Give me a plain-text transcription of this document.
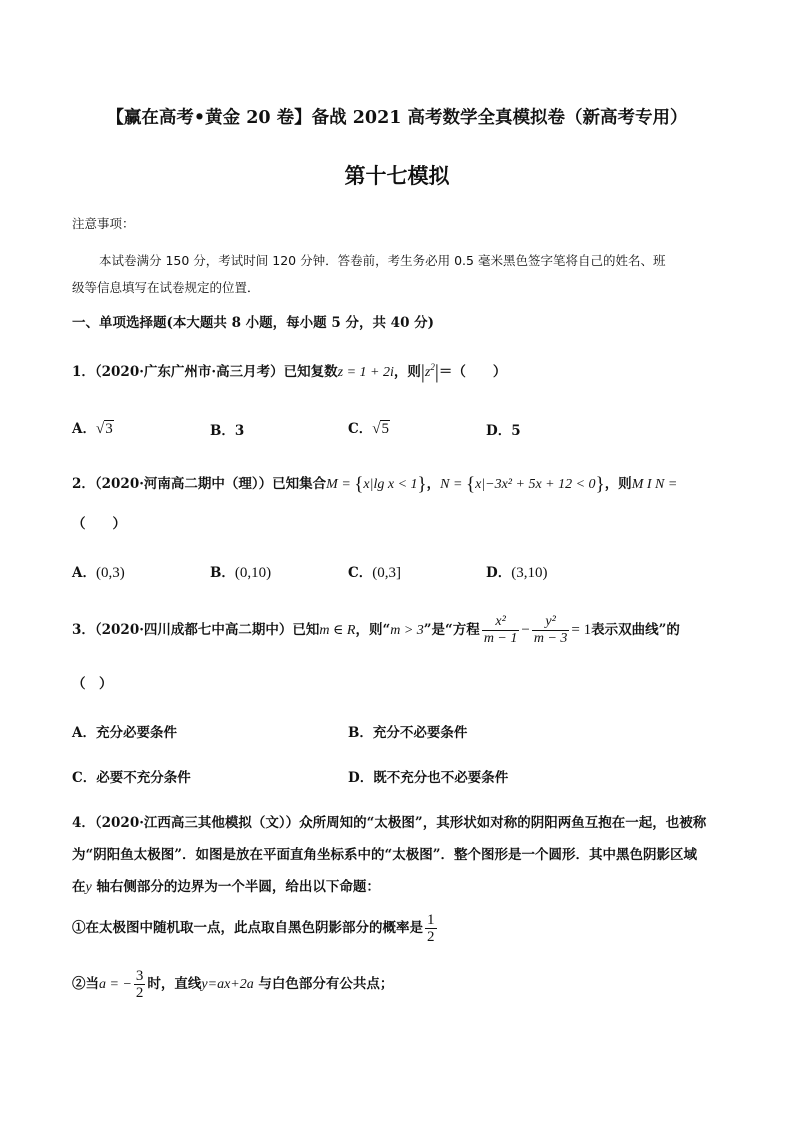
【赢在高考•黄金 20 卷】备战 2021 高考数学全真模拟卷（新高考专用）
第十七模拟
注意事项：
本试卷满分 150 分，考试时间 120 分钟．答卷前，考生务必用 0.5 毫米黑色签字笔将自己的姓名、班
级等信息填写在试卷规定的位置．
一、单项选择题(本大题共 8 小题，每小题 5 分，共 40 分)
1．（2020·广东广州市·高三月考）已知复数z = 1 + 2i，则$|z^2|=$（　　）
A．√3	B．3	C．√5	D．5
2．（2020·河南高二期中（理））已知集合M = {x|lg x < 1}，N = {x|−3x² + 5x + 12 < 0}，则M I N =
（　　）
A．(0,3)	B．(0,10)	C．(0,3]	D．(3,10)
3．（2020·四川成都七中高二期中）已知m ∈ R，则“m > 3”是“方程 $\frac{\text{x²}}{m - 1} - \frac{\text{y²}}{m - 3} = 1$表示双曲线”的
（　）
A．充分必要条件	B．充分不必要条件
C．必要不充分条件	D．既不充分也不必要条件
4．（2020·江西高三其他模拟（文））众所周知的“太极图”，其形状如对称的阴阳两鱼互抱在一起，也被称
为“阴阳鱼太极图”．如图是放在平面直角坐标系中的“太极图”．整个图形是一个圆形．其中黑色阴影区域
在y 轴右侧部分的边界为一个半圆，给出以下命题：
①在太极图中随机取一点，此点取自黑色阴影部分的概率是 $\frac{1}{2}$
②当a = − $\frac{3}{2}$ 时，直线y=ax+2a 与白色部分有公共点；
